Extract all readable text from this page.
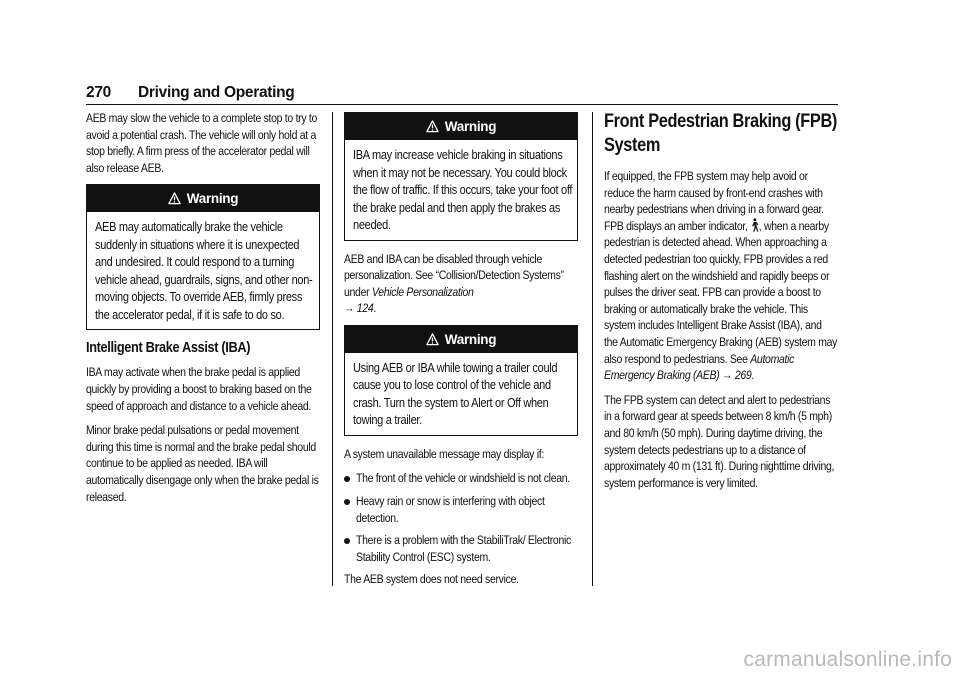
270 Driving and Operating

AEB may slow the vehicle to a complete stop to try to avoid a potential crash. The vehicle will only hold at a stop briefly. A firm press of the accelerator pedal will also release AEB.

Warning

AEB may automatically brake the vehicle suddenly in situations where it is unexpected and undesired. It could respond to a turning vehicle ahead, guardrails, signs, and other non-moving objects. To override AEB, firmly press the accelerator pedal, if it is safe to do so.

Intelligent Brake Assist (IBA)

IBA may activate when the brake pedal is applied quickly by providing a boost to braking based on the speed of approach and distance to a vehicle ahead.

Minor brake pedal pulsations or pedal movement during this time is normal and the brake pedal should continue to be applied as needed. IBA will automatically disengage only when the brake pedal is released.

Warning

IBA may increase vehicle braking in situations when it may not be necessary. You could block the flow of traffic. If this occurs, take your foot off the brake pedal and then apply the brakes as needed.

AEB and IBA can be disabled through vehicle personalization. See “Collision/Detection Systems” under Vehicle Personalization
→ 124.

Warning

Using AEB or IBA while towing a trailer could cause you to lose control of the vehicle and crash. Turn the system to Alert or Off when towing a trailer.

A system unavailable message may display if:

The front of the vehicle or windshield is not clean.

Heavy rain or snow is interfering with object detection.

There is a problem with the StabiliTrak/ Electronic Stability Control (ESC) system.

The AEB system does not need service.

Front Pedestrian Braking (FPB) System

If equipped, the FPB system may help avoid or reduce the harm caused by front-end crashes with nearby pedestrians when driving in a forward gear. FPB displays an amber indicator, , when a nearby pedestrian is detected ahead. When approaching a detected pedestrian too quickly, FPB provides a red flashing alert on the windshield and rapidly beeps or pulses the driver seat. FPB can provide a boost to braking or automatically brake the vehicle. This system includes Intelligent Brake Assist (IBA), and the Automatic Emergency Braking (AEB) system may also respond to pedestrians. See Automatic Emergency Braking (AEB) → 269.

The FPB system can detect and alert to pedestrians in a forward gear at speeds between 8 km/h (5 mph) and 80 km/h (50 mph). During daytime driving, the system detects pedestrians up to a distance of approximately 40 m (131 ft). During nighttime driving, system performance is very limited.

carmanualsonline.info
